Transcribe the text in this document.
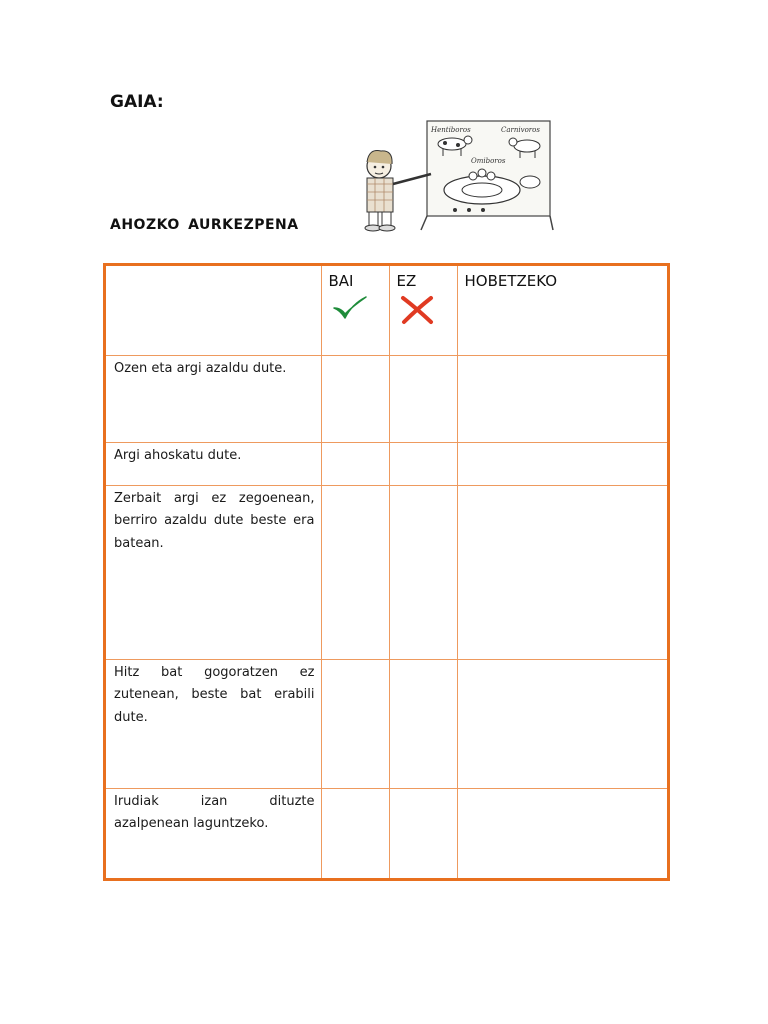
GAIA:
AHOZKO AURKEZPENA
Hentiboros	Carnivoros
Omiboros

	BAI	EZ	HOBETZEKO

Ozen eta argi azaldu dute.			

Argi ahoskatu dute.			

Zerbait argi ez zegoenean, berriro azaldu dute beste era batean.			

Hitz bat gogoratzen ez zutenean, beste bat erabili dute.			

Irudiak izan dituzte azalpenean laguntzeko.			
